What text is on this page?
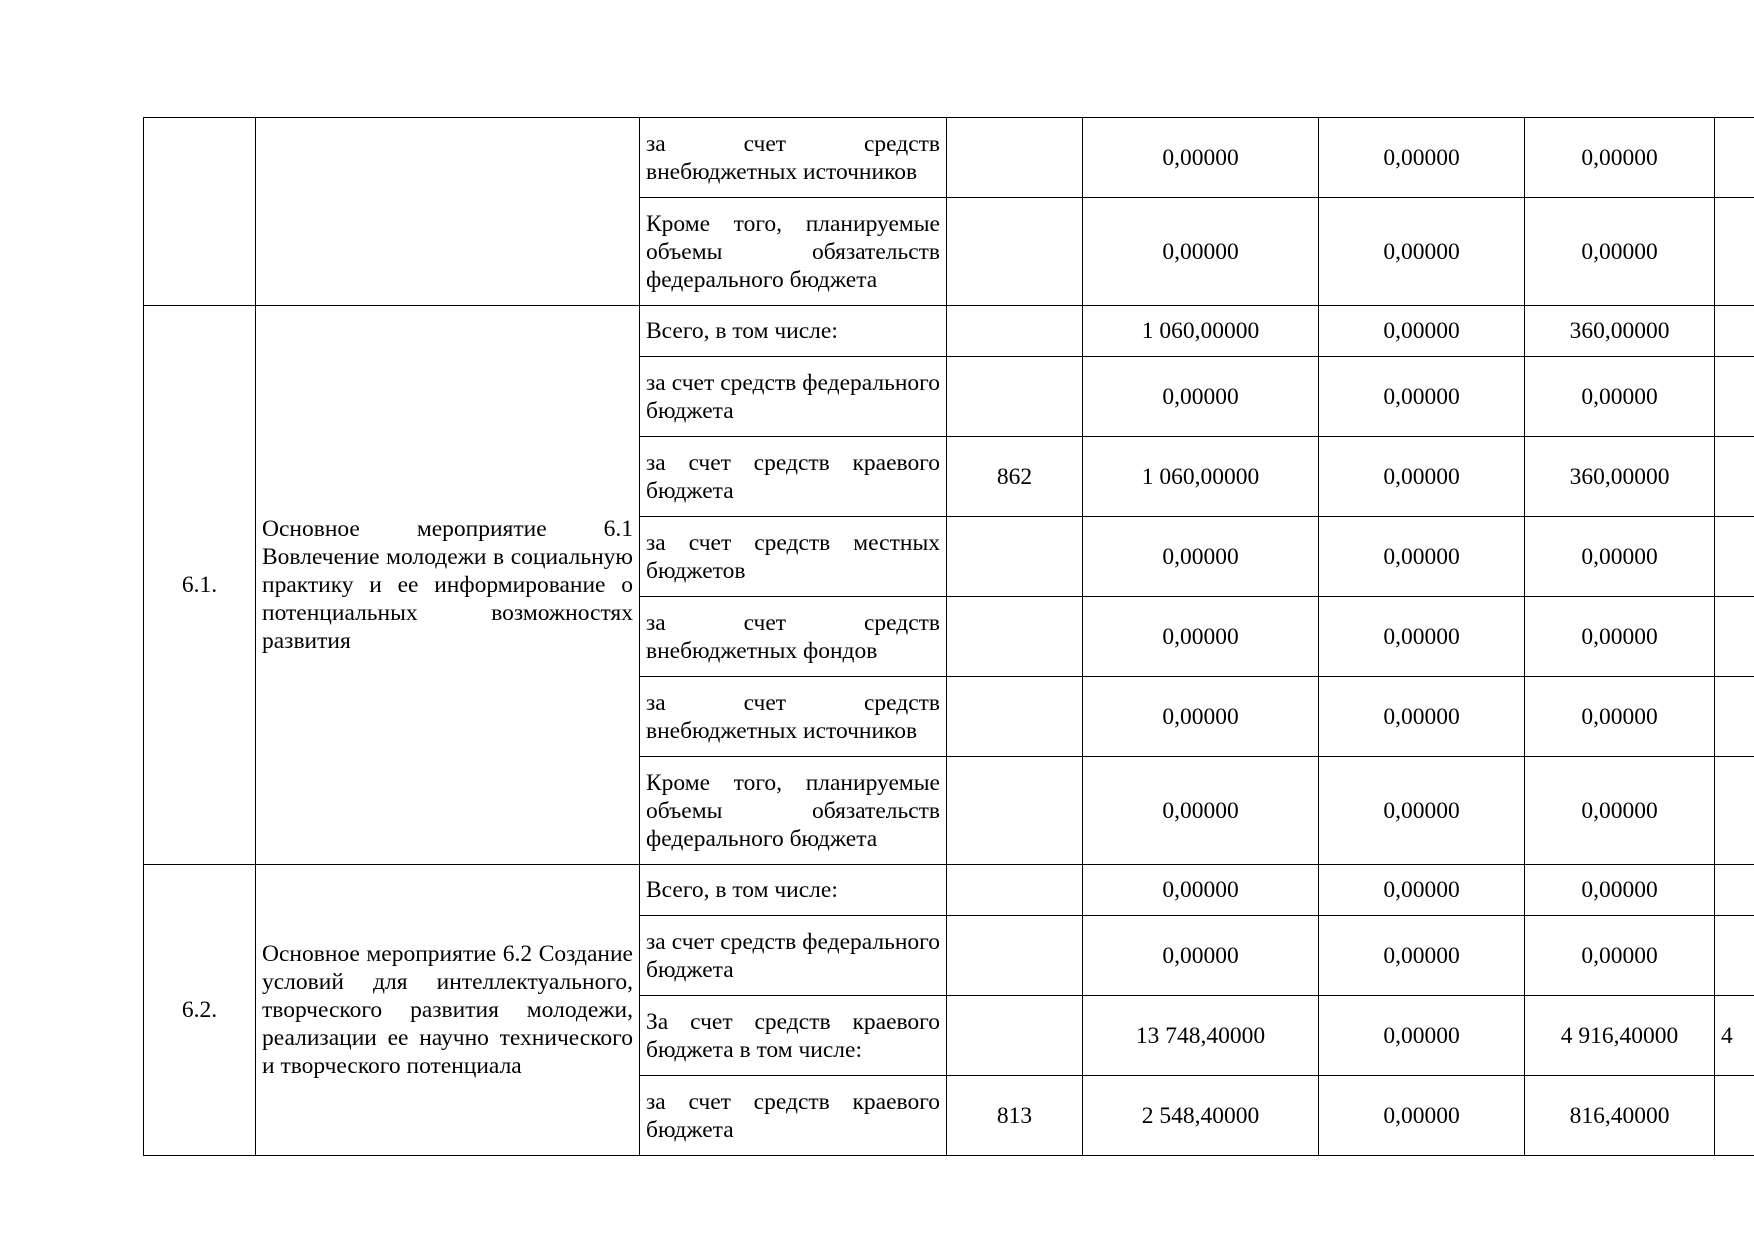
		за счет средств внебюджетных источников		0,00000	0,00000	0,00000	

		Кроме того, планируемые объемы обязательств федерального бюджета		0,00000	0,00000	0,00000	
6.1.	Основное мероприятие 6.1 Вовлечение молодежи в социальную практику и ее информирование о потенциальных возможностях развития	Всего, в том числе:		1 060,00000	0,00000	360,00000	

		за счет средств федерального бюджета		0,00000	0,00000	0,00000	

		за счет средств краевого бюджета	862	1 060,00000	0,00000	360,00000	

		за счет средств местных бюджетов		0,00000	0,00000	0,00000	

		за счет средств внебюджетных фондов		0,00000	0,00000	0,00000	

		за счет средств внебюджетных источников		0,00000	0,00000	0,00000	

		Кроме того, планируемые объемы обязательств федерального бюджета		0,00000	0,00000	0,00000	
6.2.	Основное мероприятие 6.2 Создание условий для интеллектуального, творческого развития молодежи, реализации ее научно технического и творческого потенциала	Всего, в том числе:		0,00000	0,00000	0,00000	

		за счет средств федерального бюджета		0,00000	0,00000	0,00000	

		За счет средств краевого бюджета в том числе:		13 748,40000	0,00000	4 916,40000	4

		за счет средств краевого бюджета	813	2 548,40000	0,00000	816,40000	
